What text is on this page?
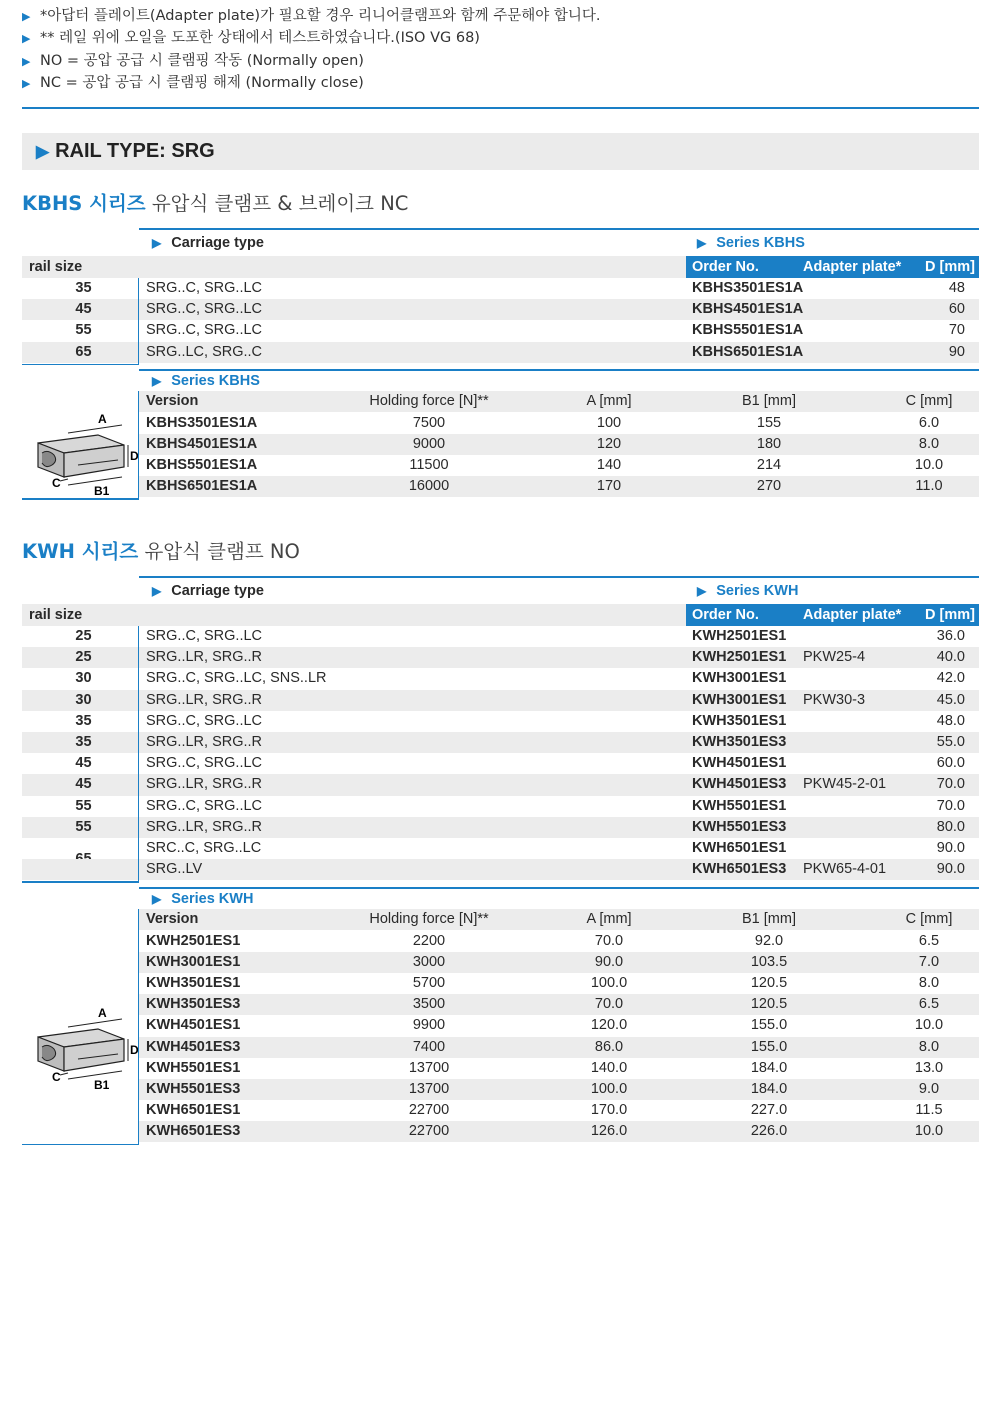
▶ *아답터 플레이트(Adapter plate)가 필요할 경우 리니어클램프와 함께 주문해야 합니다.
▶ ** 레일 위에 오일을 도포한 상태에서 테스트하였습니다.(ISO VG 68)
▶ NO = 공압 공급 시 클램핑 작동 (Normally open)
▶ NC = 공압 공급 시 클램핑 해제 (Normally close)
▶ RAIL TYPE: SRG
KBHS 시리즈 유압식 클램프 & 브레이크 NC
▶ Carriage type	▶ Series KBHS
rail size	Order No.	Adapter plate* D [mm]
35	SRG..C, SRG..LC	KBHS3501ES1A	48
45	SRG..C, SRG..LC	KBHS4501ES1A	60
55	SRG..C, SRG..LC	KBHS5501ES1A	70
65	SRG..LC, SRG..C	KBHS6501ES1A	90
▶ Series KBHS
Version	Holding force [N]**	A [mm]	B1 [mm]	C [mm]
KBHS3501ES1A	7500	100	155	6.0
KBHS4501ES1A	9000	120	180	8.0
KBHS5501ES1A	11500	140	214	10.0
KBHS6501ES1A	16000	170	270	11.0
A
D
C
B1
KWH 시리즈 유압식 클램프 NO
▶ Carriage type	▶ Series KWH
rail size	Order No.	Adapter plate* D [mm]
25	SRG..C, SRG..LC	KWH2501ES1	36.0
25	SRG..LR, SRG..R	KWH2501ES1 PKW25-4	40.0
30	SRG..C, SRG..LC, SNS..LR	KWH3001ES1	42.0
30	SRG..LR, SRG..R	KWH3001ES1 PKW30-3	45.0
35	SRG..C, SRG..LC	KWH3501ES1	48.0
35	SRG..LR, SRG..R	KWH3501ES3	55.0
45	SRG..C, SRG..LC	KWH4501ES1	60.0
45	SRG..LR, SRG..R	KWH4501ES3 PKW45-2-01	70.0
55	SRG..C, SRG..LC	KWH5501ES1	70.0
55	SRG..LR, SRG..R	KWH5501ES3	80.0
SRC..C, SRG..LC	KWH6501ES1	90.0
SRG..LV	KWH6501ES3 PKW65-4-01	90.0
▶ Series KWH
Version	Holding force [N]**	A [mm]	B1 [mm]	C [mm]
KWH2501ES1	2200	70.0	92.0	6.5
KWH3001ES1	3000	90.0	103.5	7.0
KWH3501ES1	5700	100.0	120.5	8.0
KWH3501ES3	3500	70.0	120.5	6.5
KWH4501ES1	9900	120.0	155.0	10.0
KWH4501ES3	7400	86.0	155.0	8.0
KWH5501ES1	13700	140.0	184.0	13.0
KWH5501ES3	13700	100.0	184.0	9.0
KWH6501ES1	22700	170.0	227.0	11.5
KWH6501ES3	22700	126.0	226.0	10.0
A
D
C
B1
